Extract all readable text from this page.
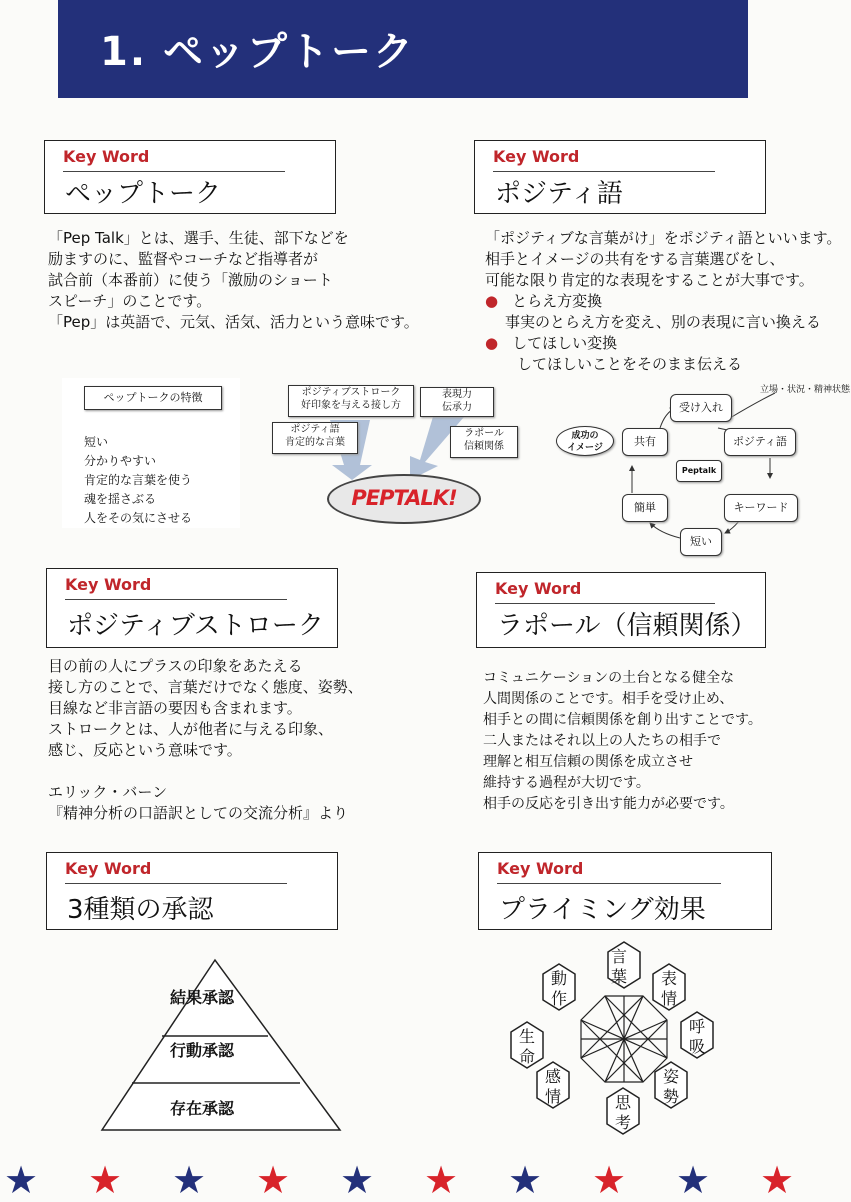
1. ペップトーク
Key Word
ペップトーク
「Pep Talk」とは、選手、生徒、部下などを
励ますのに、監督やコーチなど指導者が
試合前（本番前）に使う「激励のショート
スピーチ」のことです。
「Pep」は英語で、元気、活気、活力という意味です。
Key Word
ポジティ語
「ポジティブな言葉がけ」をポジティ語といいます。
相手とイメージの共有をする言葉選びをし、
可能な限り肯定的な表現をすることが大事です。
● とらえ方変換
事実のとらえ方を変え、別の表現に言い換える
● してほしい変換
してほしいことをそのまま伝える
ペップトークの特徴
短い
分かりやすい
肯定的な言葉を使う
魂を揺さぶる
人をその気にさせる
ポジティブストローク
好印象を与える接し方
表現力
伝承力
ポジティ語
肯定的な言葉
ラポール
信頼関係
PEPTALK!
立場・状況・精神状態
成功の
イメージ
受け入れ
ポジティ語
キーワード
短い
簡単
共有
Peptalk
Key Word
ポジティブストローク
目の前の人にプラスの印象をあたえる
接し方のことで、言葉だけでなく態度、姿勢、
目線など非言語の要因も含まれます。
ストロークとは、人が他者に与える印象、
感じ、反応という意味です。
エリック・バーン
『精神分析の口語訳としての交流分析』より
Key Word
ラポール（信頼関係）
コミュニケーションの土台となる健全な
人間関係のことです。相手を受け止め、
相手との間に信頼関係を創り出すことです。
二人またはそれ以上の人たちの相手で
理解と相互信頼の関係を成立させ
維持する過程が大切です。
相手の反応を引き出す能力が必要です。
Key Word
3種類の承認
結果承認
行動承認
存在承認
Key Word
プライミング効果
言
葉	表
情
呼
吸
姿
勢
思
考
感
情
生
命
動
作
★ ★ ★ ★ ★ ★ ★ ★ ★ ★
